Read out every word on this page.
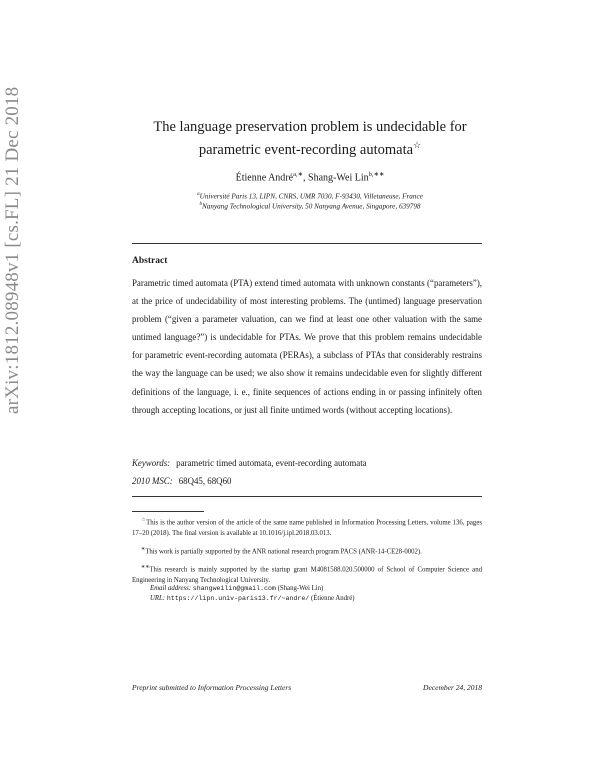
arXiv:1812.08948v1 [cs.FL] 21 Dec 2018	The language preservation problem is undecidable for
parametric event-recording automata☆
Étienne André$^{a,∗}$, Shang-Wei Lin$^{b,∗∗}$
$^a$Université Paris 13, LIPN, CNRS, UMR 7030, F-93430, Villetaneuse, France
$^b$Nanyang Technological University, 50 Nanyang Avenue, Singapore, 639798
Abstract
Parametric timed automata (PTA) extend timed automata with unknown constants (“parameters”), at the price of undecidability of most interesting problems. The (untimed) language preservation problem (“given a parameter valuation, can we find at least one other valuation with the same untimed language?”) is undecidable for PTAs. We prove that this problem remains undecidable for parametric event-recording automata (PERAs), a subclass of PTAs that considerably restrains the way the language can be used; we also show it remains undecidable even for slightly different definitions of the language, i. e., finite sequences of actions ending in or passing infinitely often through accepting locations, or just all finite untimed words (without accepting locations).
Keywords: parametric timed automata, event-recording automata
2010 MSC: 68Q45, 68Q60
☆This is the author version of the article of the same name published in Information Processing Letters, volume 136, pages 17–20 (2018). The final version is available at 10.1016/j.ipl.2018.03.013.
∗This work is partially supported by the ANR national research program PACS (ANR-14-CE28-0002).
∗∗This research is mainly supported by the startup grant M4081588.020.500000 of School of Computer Science and Engineering in Nanyang Technological University.
Email address: shangweilin@gmail.com (Shang-Wei Lin)
URL: https://lipn.univ-paris13.fr/~andre/ (Étienne André)
Preprint submitted to Information Processing Letters	December 24, 2018
